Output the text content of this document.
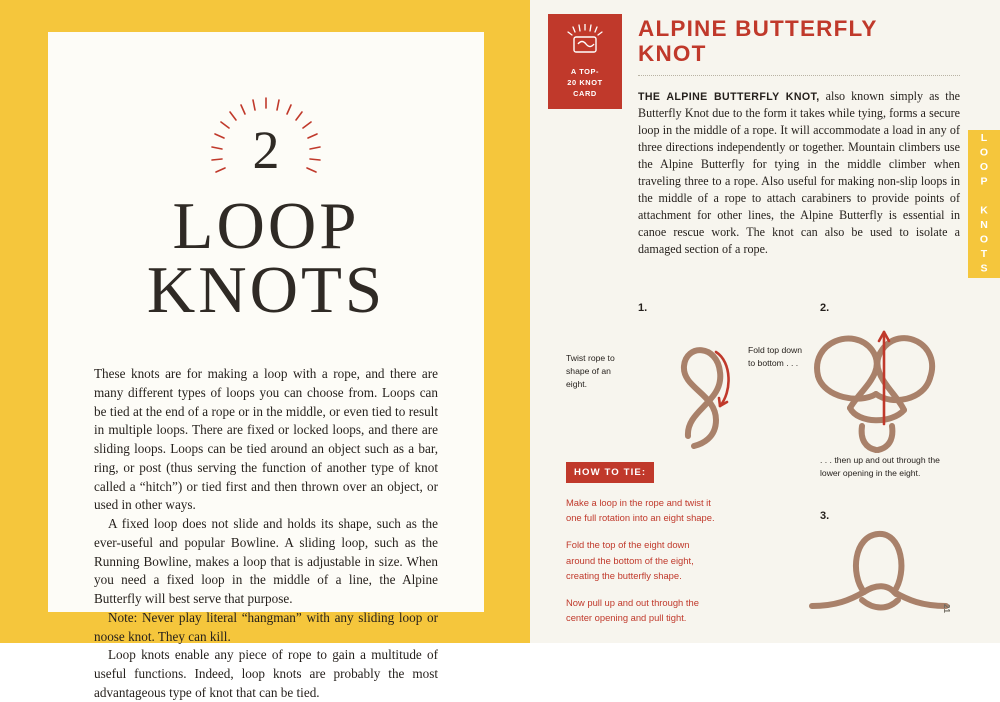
2
LOOP
KNOTS

These knots are for making a loop with a rope, and there are many different types of loops you can choose from. Loops can be tied at the end of a rope or in the middle, or even tied to result in multiple loops. There are fixed or locked loops, and there are sliding loops. Loops can be tied around an object such as a bar, ring, or post (thus serving the function of another type of knot called a “hitch”) or tied first and then thrown over an object, or used in other ways.

A fixed loop does not slide and holds its shape, such as the ever-useful and popular Bowline. A sliding loop, such as the Running Bowline, makes a loop that is adjustable in size. When you need a fixed loop in the middle of a line, the Alpine Butterfly will best serve that purpose.

Note: Never play literal “hangman” with any sliding loop or noose knot. They can kill.

Loop knots enable any piece of rope to gain a multitude of useful functions. Indeed, loop knots are probably the most advantageous type of knot that can be tied.

LOOP KNOTS
A TOP-
20 KNOT
CARD
ALPINE BUTTERFLY
KNOT

THE ALPINE BUTTERFLY KNOT, also known simply as the Butterfly Knot due to the form it takes while tying, forms a secure loop in the middle of a rope. It will accommodate a load in any of three directions independently or together. Mountain climbers use the Alpine Butterfly for tying in the middle climber when traveling three to a rope. Also useful for making non-slip loops in the middle of a rope to attach carabiners to provide points of attachment for other lines, the Alpine Butterfly is essential in canoe rescue work. The knot can also be used to isolate a damaged section of a rope.

1.
Twist rope to shape of an eight.
2.
Fold top down to bottom . . .
. . . then up and out through the lower opening in the eight.
3.
HOW TO TIE:

Make a loop in the rope and twist it one full rotation into an eight shape.

Fold the top of the eight down around the bottom of the eight, creating the butterfly shape.

Now pull up and out through the center opening and pull tight.

21
